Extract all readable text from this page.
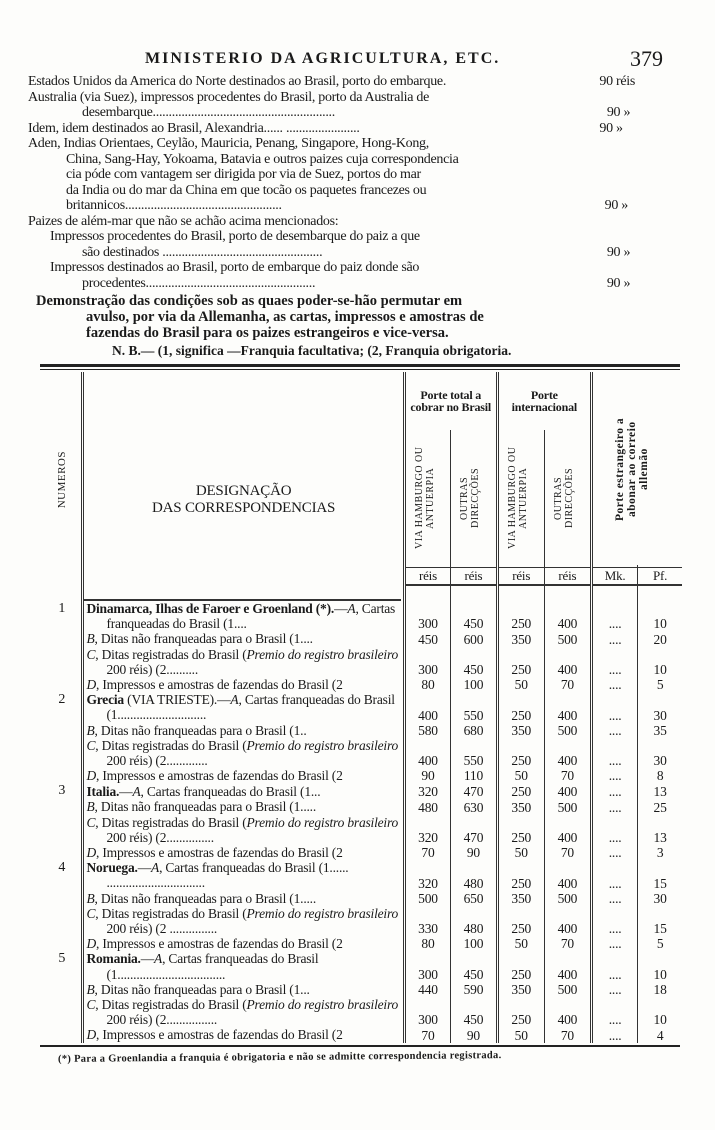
MINISTERIO DA AGRICULTURA, ETC.	379
Estados Unidos da America do Norte destinados ao Brasil, porto do embarque.	90 réis
Australia (via Suez), impressos procedentes do Brasil, porto da Australia de
desembarque.........................................................	90 »
Idem, idem destinados ao Brasil, Alexandria...... .......................	90 »
Aden, Indias Orientaes, Ceylão, Mauricia, Penang, Singapore, Hong-Kong,
China, Sang-Hay, Yokoama, Batavia e outros paizes cuja correspondencia
cia póde com vantagem ser dirigida por via de Suez, portos do mar
da India ou do mar da China em que tocão os paquetes francezes ou
britannicos.................................................	90 »
Paizes de além-mar que não se achão acima mencionados:
Impressos procedentes do Brasil, porto de desembarque do paiz a que
são destinados ..................................................	90 »
Impressos destinados ao Brasil, porto de embarque do paiz donde são
procedentes.....................................................	90 »
Demonstração das condições sob as quaes poder-se-hão permutar em
avulso, por via da Allemanha, as cartas, impressos e amostras de
fazendas do Brasil para os paizes estrangeiros e vice-versa.
N. B.— (1, significa —Franquia facultativa; (2, Franquia obrigatoria.
NUMEROS	DESIGNAÇÃO
DAS CORRESPONDENCIAS	Porte total a cobrar no Brasil		Porte internacional		Porte estrangeiro a abonar ao correio allemão	

		VIA HAMBURGO OU ANTUERPIA	OUTRAS DIRECÇÕES	VIA HAMBURGO OU ANTUERPIA	OUTRAS DIRECÇÕES		

		réis	réis	réis	réis	Mk.	Pf.

1	Dinamarca, Ilhas de Faroer e Groenland (*).—A, Cartas franqueadas do Brasil (1....	300	450	250	400	....	10

	B, Ditas não franqueadas para o Brasil (1....	450	600	350	500	....	20

	C, Ditas registradas do Brasil (Premio do registro brasileiro 200 réis) (2..........	300	450	250	400	....	10

	D, Impressos e amostras de fazendas do Brasil (2	80	100	50	70	....	5
2	Grecia (VIA TRIESTE).—A, Cartas franqueadas do Brasil (1............................	400	550	250	400	....	30

	B, Ditas não franqueadas para o Brasil (1..	580	680	350	500	....	35

	C, Ditas registradas do Brasil (Premio do registro brasileiro 200 réis) (2.............	400	550	250	400	....	30

	D, Impressos e amostras de fazendas do Brasil (2	90	110	50	70	....	8
3	Italia.—A, Cartas franqueadas do Brasil (1...	320	470	250	400	....	13

	B, Ditas não franqueadas para o Brasil (1.....	480	630	350	500	....	25

	C, Ditas registradas do Brasil (Premio do registro brasileiro 200 réis) (2...............	320	470	250	400	....	13

	D, Impressos e amostras de fazendas do Brasil (2	70	90	50	70	....	3
4	Noruega.—A, Cartas franqueadas do Brasil (1...... ...............................	320	480	250	400	....	15

	B, Ditas não franqueadas para o Brasil (1.....	500	650	350	500	....	30

	C, Ditas registradas do Brasil (Premio do registro brasileiro 200 réis) (2 ...............	330	480	250	400	....	15

	D, Impressos e amostras de fazendas do Brasil (2	80	100	50	70	....	5
5	Romania.—A, Cartas franqueadas do Brasil (1..................................	300	450	250	400	....	10

	B, Ditas não franqueadas para o Brasil (1...	440	590	350	500	....	18

	C, Ditas registradas do Brasil (Premio do registro brasileiro 200 réis) (2................	300	450	250	400	....	10

	D, Impressos e amostras de fazendas do Brasil (2	70	90	50	70	....	4
(*) Para a Groenlandia a franquia é obrigatoria e não se admitte correspondencia registrada.
